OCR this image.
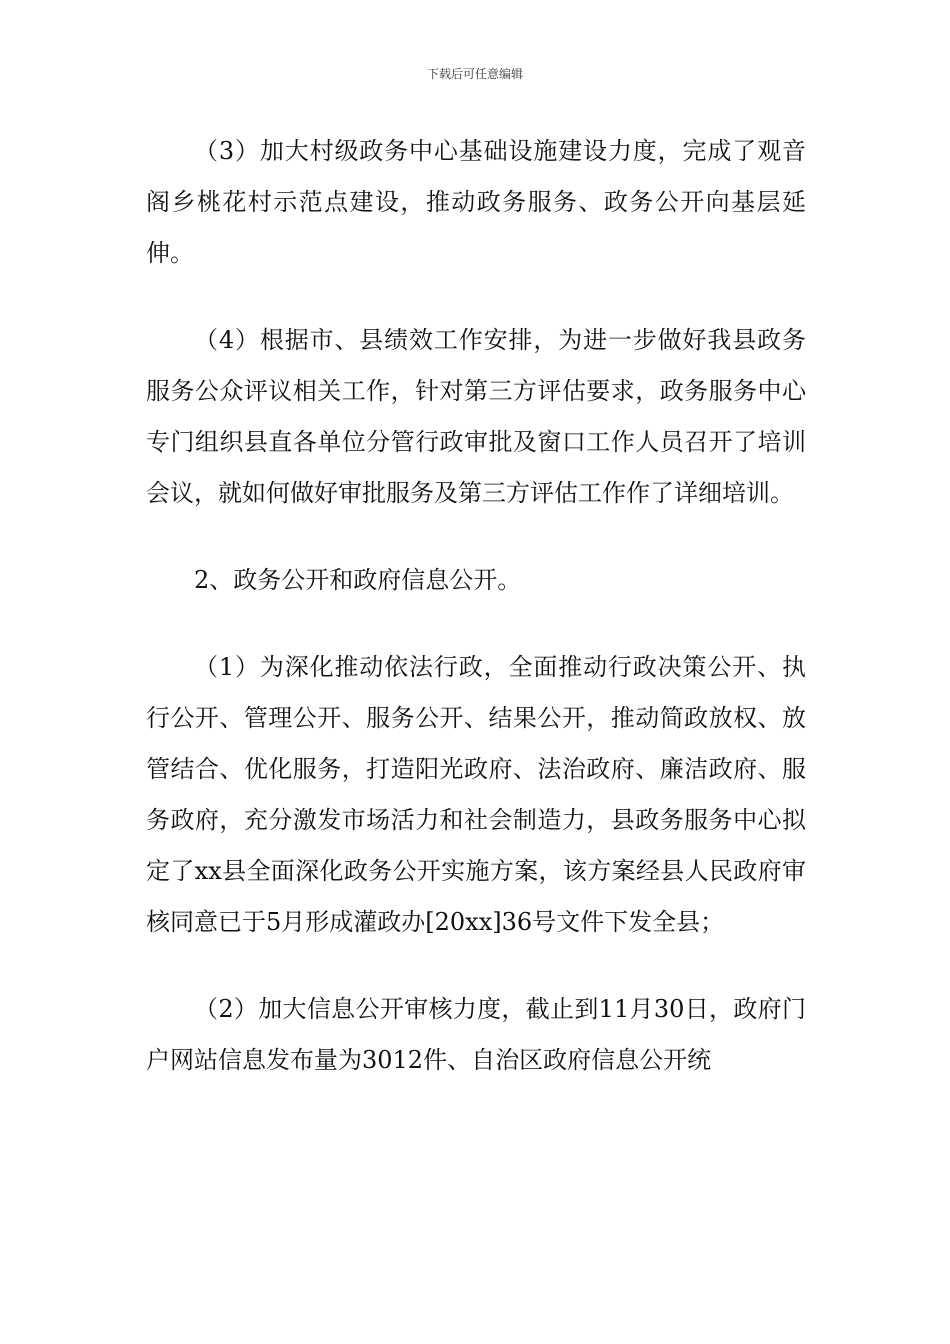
下载后可任意编辑

（3）加大村级政务中心基础设施建设力度，完成了观音阁乡桃花村示范点建设，推动政务服务、政务公开向基层延伸。

（4）根据市、县绩效工作安排，为进一步做好我县政务服务公众评议相关工作，针对第三方评估要求，政务服务中心专门组织县直各单位分管行政审批及窗口工作人员召开了培训会议，就如何做好审批服务及第三方评估工作作了详细培训。

2、政务公开和政府信息公开。

（1）为深化推动依法行政，全面推动行政决策公开、执行公开、管理公开、服务公开、结果公开，推动简政放权、放管结合、优化服务，打造阳光政府、法治政府、廉洁政府、服务政府，充分激发市场活力和社会制造力，县政务服务中心拟定了xx县全面深化政务公开实施方案，该方案经县人民政府审核同意已于5月形成灌政办[20xx]36号文件下发全县；

（2）加大信息公开审核力度，截止到11月30日，政府门户网站信息发布量为3012件、自治区政府信息公开统
